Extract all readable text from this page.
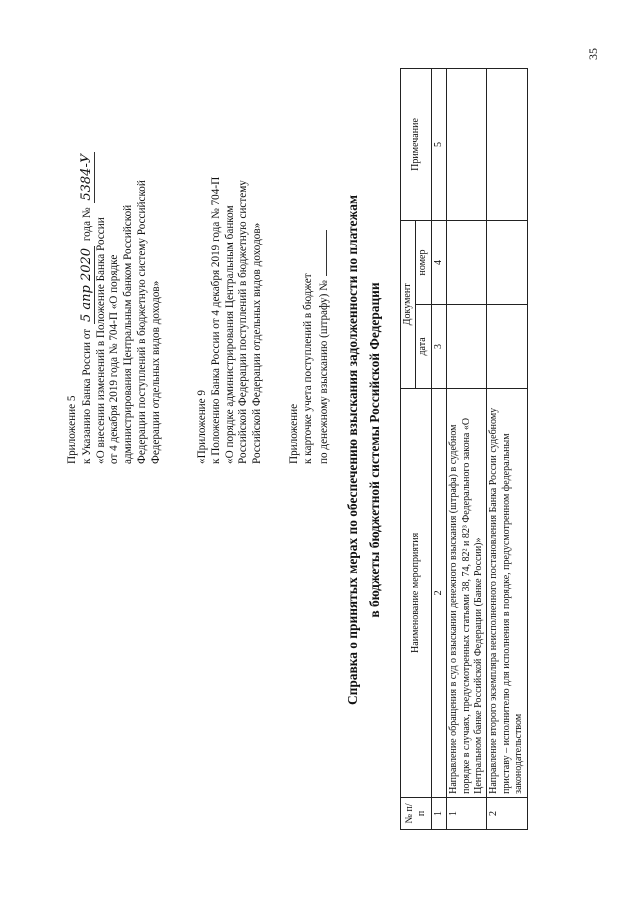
35
Приложение 5 к Указанию Банка России от 5 апр 2020 года № 5384-У
«О внесении изменений в Положение Банка России от 4 декабря 2019 года № 704-П «О порядке администрирования Центральным банком Российской Федерации поступлений в бюджетную систему Российской Федерации отдельных видов доходов»	«Приложение 9 к Положению Банка России от 4 декабря 2019 года № 704-П «О порядке администрирования Центральным банком Российской Федерации поступлений в бюджетную систему Российской Федерации отдельных видов доходов» Приложение к карточке учета поступлений в бюджет по денежному взысканию (штрафу) № Справка о принятых мерах по обеспечению взыскания задолженности по платежам в бюджеты бюджетной системы Российской Федерации
№ п/п	Наименование мероприятия	Документ		Примечание
		дата	номер	
1	2	3	4	5
1	Направление обращения в суд о взыскании денежного взыскания (штрафа) в судебном порядке в случаях, предусмотренных статьями 38, 74, 82² и 82³ Федерального закона «О Центральном банке Российской Федерации (Банке России)»			
2	Направление второго экземпляра неисполненного постановления Банка России судебному приставу – исполнителю для исполнения в порядке, предусмотренном федеральным законодательством			
